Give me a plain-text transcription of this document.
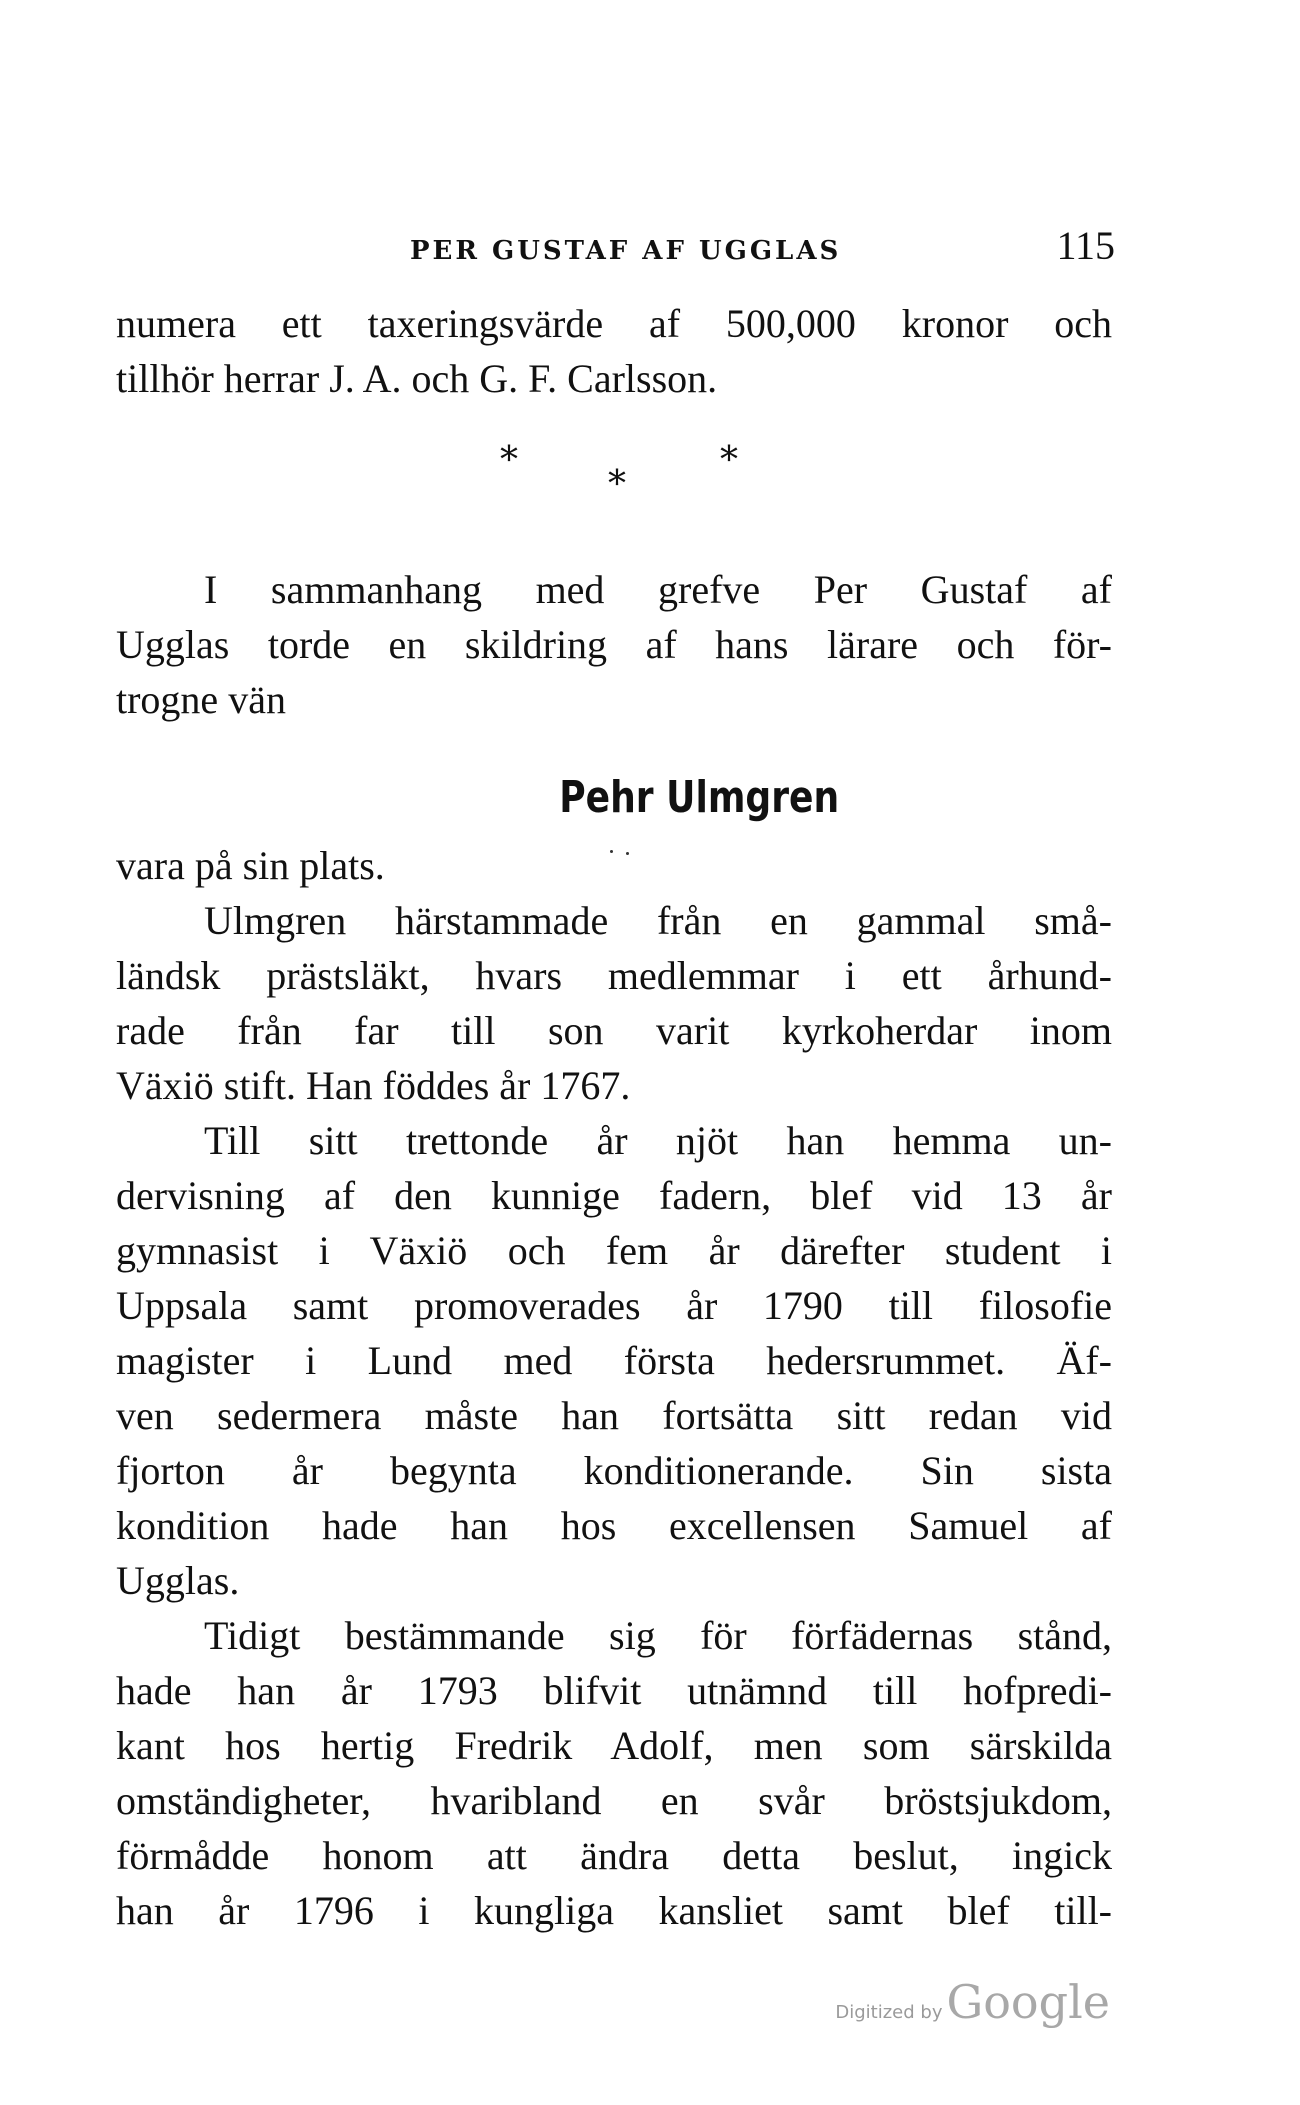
PER GUSTAF AF UGGLAS	115
numera ett taxeringsvärde af 500,000 kronor och
tillhör herrar J. A. och G. F. Carlsson.
*
*
*
I sammanhang med grefve Per Gustaf af
Ugglas torde en skildring af hans lärare och för-
trogne vän
Pehr Ulmgren
vara på sin plats.
Ulmgren härstammade från en gammal små-
ländsk prästsläkt, hvars medlemmar i ett århund-
rade från far till son varit kyrkoherdar inom
Växiö stift. Han föddes år 1767.
Till sitt trettonde år njöt han hemma un-
dervisning af den kunnige fadern, blef vid 13 år
gymnasist i Växiö och fem år därefter student i
Uppsala samt promoverades år 1790 till filosofie
magister i Lund med första hedersrummet. Äf-
ven sedermera måste han fortsätta sitt redan vid
fjorton år begynta konditionerande. Sin sista
kondition hade han hos excellensen Samuel af
Ugglas.
Tidigt bestämmande sig för förfädernas stånd,
hade han år 1793 blifvit utnämnd till hofpredi-
kant hos hertig Fredrik Adolf, men som särskilda
omständigheter, hvaribland en svår bröstsjukdom,
förmådde honom att ändra detta beslut, ingick
han år 1796 i kungliga kansliet samt blef till-
Digitized by Google
